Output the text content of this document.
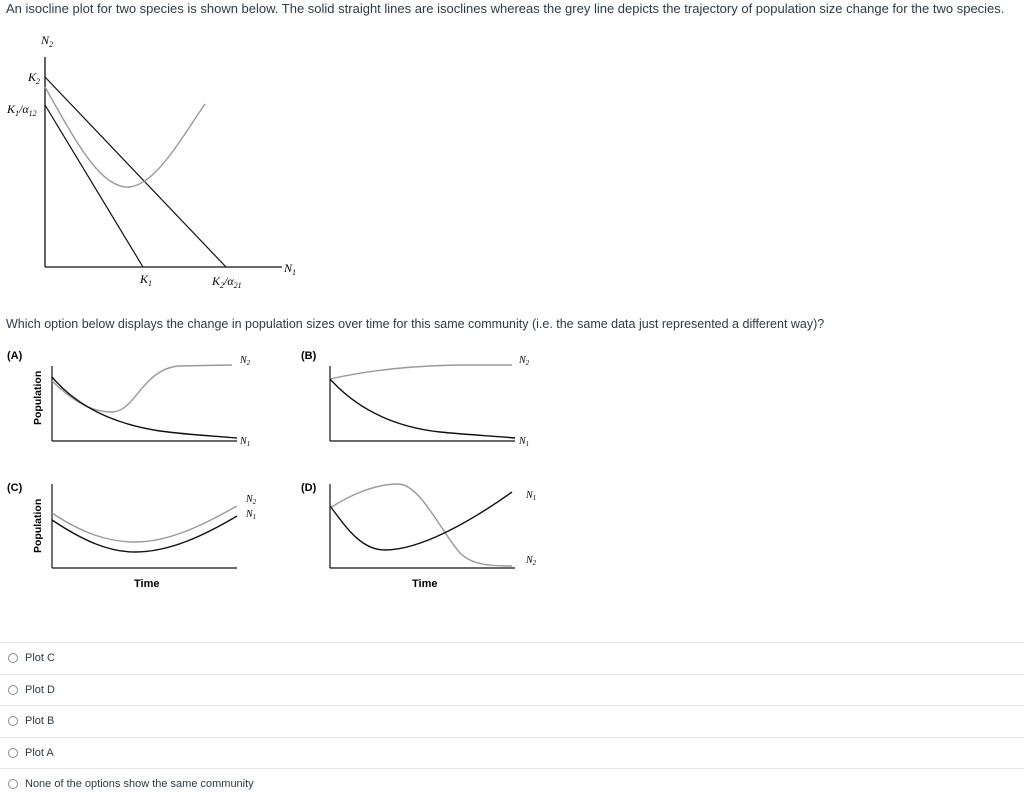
An isocline plot for two species is shown below. The solid straight lines are isoclines whereas the grey line depicts the trajectory of population size change for the two species.
Which option below displays the change in population sizes over time for this same community (i.e. the same data just represented a different way)?
$N_2$
$K_2$
$K_1/\alpha_{12}$
$K_1$	$K_2/\alpha_{21}$
$N_1$
(A)
Population
$N_2$
$N_1$
(B)	$N_2$
$N_1$
(C)
Population	$N_2$
$N_1$
Time
(D)
$N_1$
$N_2$
Time
Plot C
Plot D
Plot B
Plot A
None of the options show the same community
